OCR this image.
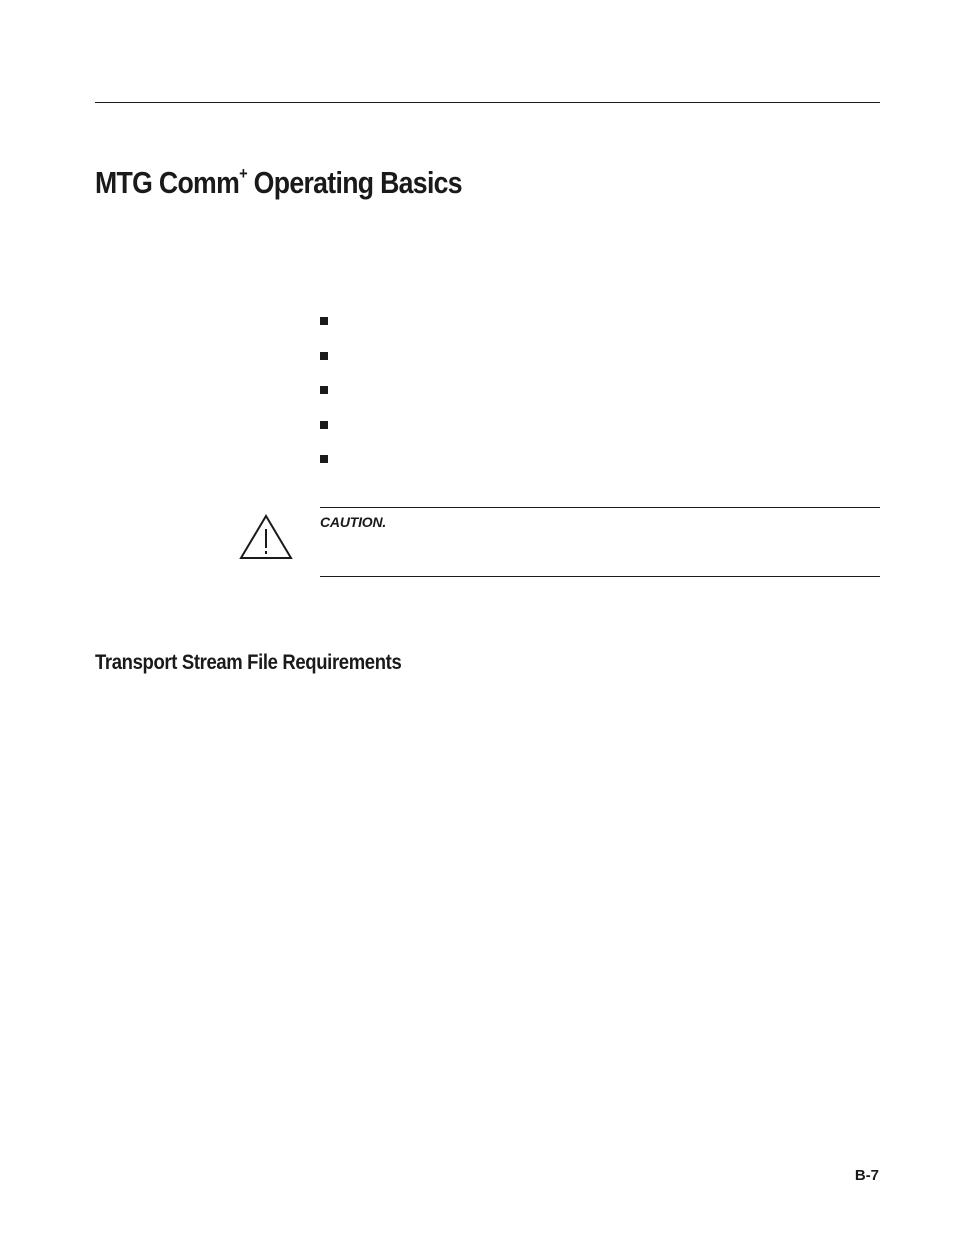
MTG Comm+ Operating Basics
CAUTION.
Transport Stream File Requirements
B-7
